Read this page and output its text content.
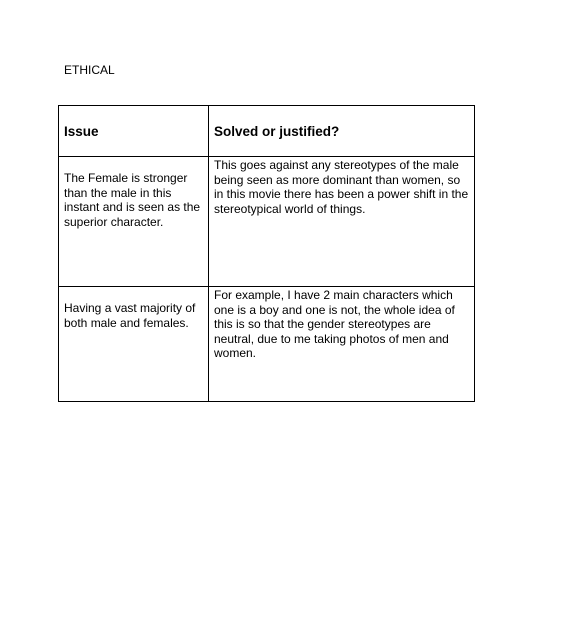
ETHICAL
Issue	Solved or justified?

The Female is stronger than the male in this instant and is seen as the superior character.	This goes against any stereotypes of the male being seen as more dominant than women, so in this movie there has been a power shift in the stereotypical world of things.

Having a vast majority of both male and females.	For example, I have 2 main characters which one is a boy and one is not, the whole idea of this is so that the gender stereotypes are neutral, due to me taking photos of men and women.
